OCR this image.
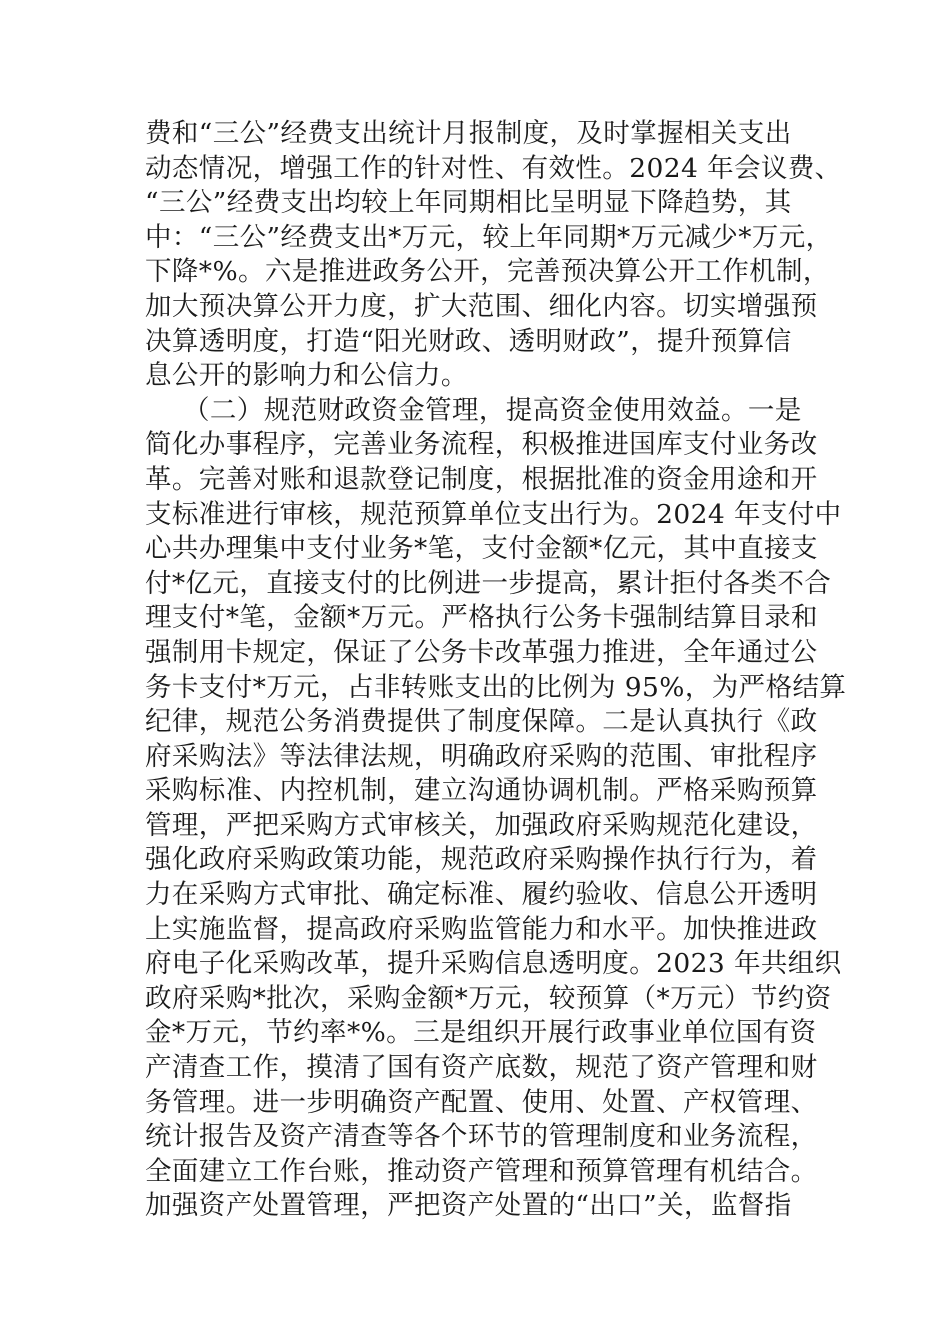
费和“三公”经费支出统计月报制度，及时掌握相关支出
动态情况，增强工作的针对性、有效性。2024 年会议费、
“三公”经费支出均较上年同期相比呈明显下降趋势，其
中：“三公”经费支出*万元，较上年同期*万元减少*万元，
下降*%。六是推进政务公开，完善预决算公开工作机制，
加大预决算公开力度，扩大范围、细化内容。切实增强预
决算透明度，打造“阳光财政、透明财政”，提升预算信
息公开的影响力和公信力。
（二）规范财政资金管理，提高资金使用效益。一是
简化办事程序，完善业务流程，积极推进国库支付业务改
革。完善对账和退款登记制度，根据批准的资金用途和开
支标准进行审核，规范预算单位支出行为。2024 年支付中
心共办理集中支付业务*笔，支付金额*亿元，其中直接支
付*亿元，直接支付的比例进一步提高，累计拒付各类不合
理支付*笔，金额*万元。严格执行公务卡强制结算目录和
强制用卡规定，保证了公务卡改革强力推进，全年通过公
务卡支付*万元，占非转账支出的比例为 95%，为严格结算
纪律，规范公务消费提供了制度保障。二是认真执行《政
府采购法》等法律法规，明确政府采购的范围、审批程序
采购标准、内控机制，建立沟通协调机制。严格采购预算
管理，严把采购方式审核关，加强政府采购规范化建设，
强化政府采购政策功能，规范政府采购操作执行行为，着
力在采购方式审批、确定标准、履约验收、信息公开透明
上实施监督，提高政府采购监管能力和水平。加快推进政
府电子化采购改革，提升采购信息透明度。2023 年共组织
政府采购*批次，采购金额*万元，较预算（*万元）节约资
金*万元，节约率*%。三是组织开展行政事业单位国有资
产清查工作，摸清了国有资产底数，规范了资产管理和财
务管理。进一步明确资产配置、使用、处置、产权管理、
统计报告及资产清查等各个环节的管理制度和业务流程，
全面建立工作台账，推动资产管理和预算管理有机结合。
加强资产处置管理，严把资产处置的“出口”关，监督指
